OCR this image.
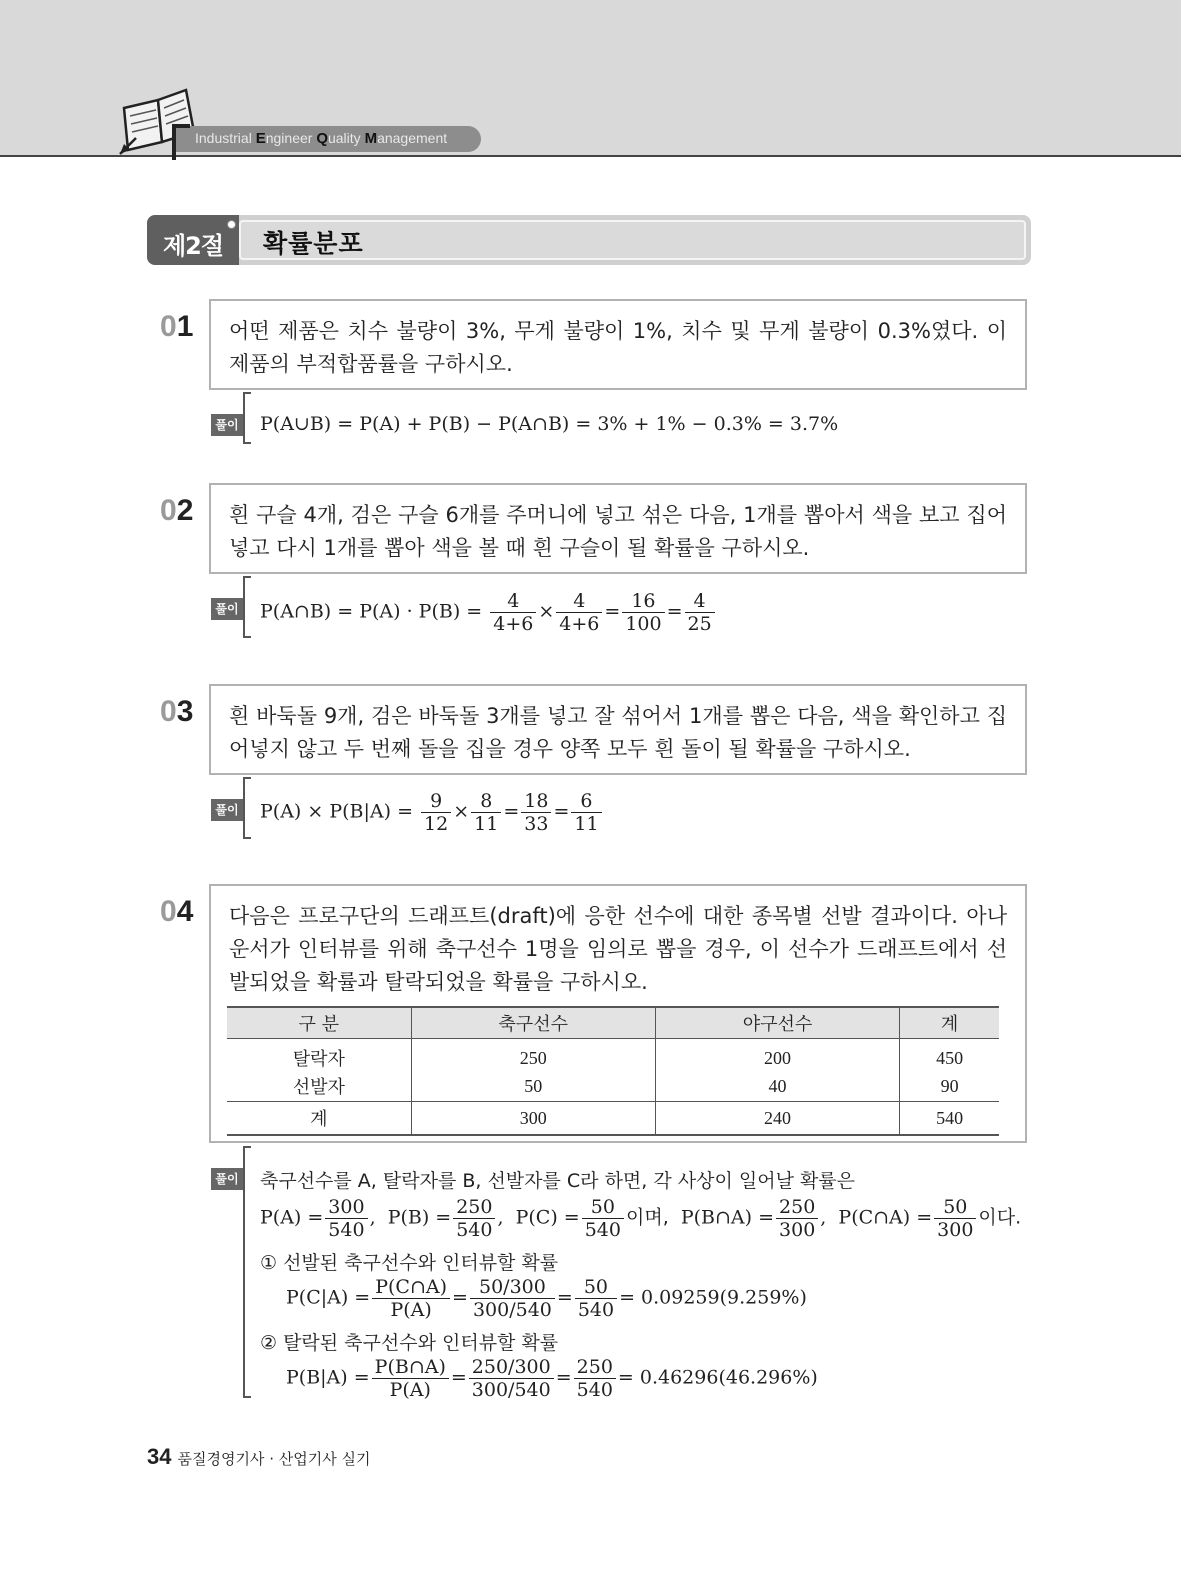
Industrial Engineer Quality Management
제2절	확률분포
01	어떤 제품은 치수 불량이 3%, 무게 불량이 1%, 치수 및 무게 불량이 0.3%였다. 이 제품의 부적합품률을 구하시오.
풀이 P(A∪B) = P(A) + P(B) − P(A∩B) = 3% + 1% − 0.3% = 3.7%
02	흰 구슬 4개, 검은 구슬 6개를 주머니에 넣고 섞은 다음, 1개를 뽑아서 색을 보고 집어넣고 다시 1개를 뽑아 색을 볼 때 흰 구슬이 될 확률을 구하시오.
풀이 P(A∩B) = $P(A) \cdot P(B) = \frac{4}{4+6} \times \frac{4}{4+6} = \frac{16}{100} = \frac{4}{25}$
03	흰 바둑돌 9개, 검은 바둑돌 3개를 넣고 잘 섞어서 1개를 뽑은 다음, 색을 확인하고 집어넣지 않고 두 번째 돌을 집을 경우 양쪽 모두 흰 돌이 될 확률을 구하시오.
풀이 $P(A) \times P(B|A) = \frac{9}{12} \times \frac{8}{11} = \frac{18}{33} = \frac{6}{11}$
04	다음은 프로구단의 드래프트(draft)에 응한 선수에 대한 종목별 선발 결과이다. 아나운서가 인터뷰를 위해 축구선수 1명을 임의로 뽑을 경우, 이 선수가 드래프트에서 선발되었을 확률과 탈락되었을 확률을 구하시오.
구 분	축구선수	야구선수	계
탈락자	250	200	450
선발자	50	40	90
계	300	240	540
풀이 축구선수를 A, 탈락자를 B, 선발자를 C라 하면, 각 사상이 일어날 확률은
$P(A) = \frac{300}{540}$ ,  $P(B) = \frac{250}{540}$ ,  $P(C) = \frac{50}{540}$ 이며, P(B∩A) = $\frac{250}{300}$ ,  P(C∩A) = $\frac{50}{300}$ 이다.
① 선발된 축구선수와 인터뷰할 확률
$P(C|A) = \frac{P(C\cap A)}{P(A)} = \frac{50/300}{300/540} = \frac{50}{540} = 0.09259(9.259\%)$
② 탈락된 축구선수와 인터뷰할 확률
$P(B|A) = \frac{P(B\cap A)}{P(A)} = \frac{250/300}{300/540} = \frac{250}{540} = 0.46296(46.296\%)$
34 품질경영기사 · 산업기사 실기
